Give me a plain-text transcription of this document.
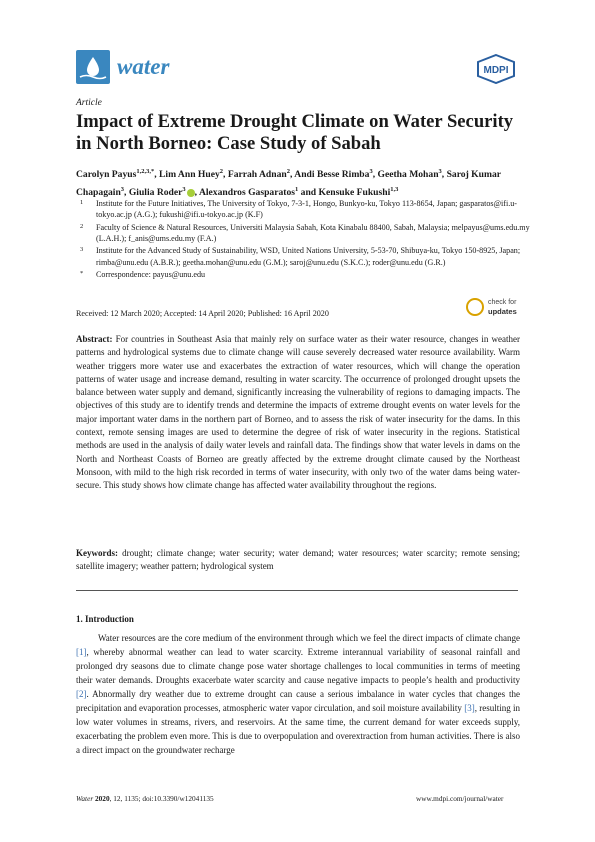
water	MDPI
Article
Impact of Extreme Drought Climate on Water Security in North Borneo: Case Study of Sabah
Carolyn Payus$^{1,2,3,*}$, Lim Ann Huey$^2$, Farrah Adnan$^2$, Andi Besse Rimba$^3$, Geetha Mohan$^3$, Saroj Kumar Chapagain$^3$, Giulia Roder$^3$ , Alexandros Gasparatos$^1$ and Kensuke Fukushi$^{1,3}$
1 Institute for the Future Initiatives, The University of Tokyo, 7-3-1, Hongo, Bunkyo-ku, Tokyo 113-8654, Japan; gasparatos@ifi.u-tokyo.ac.jp (A.G.); fukushi@ifi.u-tokyo.ac.jp (K.F)
2 Faculty of Science & Natural Resources, Universiti Malaysia Sabah, Kota Kinabalu 88400, Sabah, Malaysia; melpayus@ums.edu.my (L.A.H.); f_anis@ums.edu.my (F.A.)
3 Institute for the Advanced Study of Sustainability, WSD, United Nations University, 5-53-70, Shibuya-ku, Tokyo 150-8925, Japan; rimba@unu.edu (A.B.R.); geetha.mohan@unu.edu (G.M.); saroj@unu.edu (S.K.C.); roder@unu.edu (G.R.)
* Correspondence: payus@unu.edu
Received: 12 March 2020; Accepted: 14 April 2020; Published: 16 April 2020
check for
updates
Abstract: For countries in Southeast Asia that mainly rely on surface water as their water resource, changes in weather patterns and hydrological systems due to climate change will cause severely decreased water resource availability. Warm weather triggers more water use and exacerbates the extraction of water resources, which will change the operation patterns of water usage and increase demand, resulting in water scarcity. The occurrence of prolonged drought upsets the balance between water supply and demand, significantly increasing the vulnerability of regions to damaging impacts. The objectives of this study are to identify trends and determine the impacts of extreme drought events on water levels for the major important water dams in the northern part of Borneo, and to assess the risk of water insecurity for the dams. In this context, remote sensing images are used to determine the degree of risk of water insecurity in the regions. Statistical methods are used in the analysis of daily water levels and rainfall data. The findings show that water levels in dams on the North and Northeast Coasts of Borneo are greatly affected by the extreme drought climate caused by the Northeast Monsoon, with mild to the high risk recorded in terms of water insecurity, with only two of the water dams being water-secure. This study shows how climate change has affected water availability throughout the regions.
Keywords: drought; climate change; water security; water demand; water resources; water scarcity; remote sensing; satellite imagery; weather pattern; hydrological system
1. Introduction
Water resources are the core medium of the environment through which we feel the direct impacts of climate change [1], whereby abnormal weather can lead to water scarcity. Extreme interannual variability of seasonal rainfall and prolonged dry seasons due to climate change pose water shortage challenges to local communities in terms of meeting their water demands. Droughts exacerbate water scarcity and cause negative impacts to people’s health and productivity [2]. Abnormally dry weather due to extreme drought can cause a serious imbalance in water cycles that changes the precipitation and evaporation processes, atmospheric water vapor circulation, and soil moisture availability [3], resulting in low water volumes in streams, rivers, and reservoirs. At the same time, the current demand for water exceeds supply, exacerbating the problem even more. This is due to overpopulation and overextraction from human activities. There is also a direct impact on the groundwater recharge
Water 2020, 12, 1135; doi:10.3390/w12041135	www.mdpi.com/journal/water
